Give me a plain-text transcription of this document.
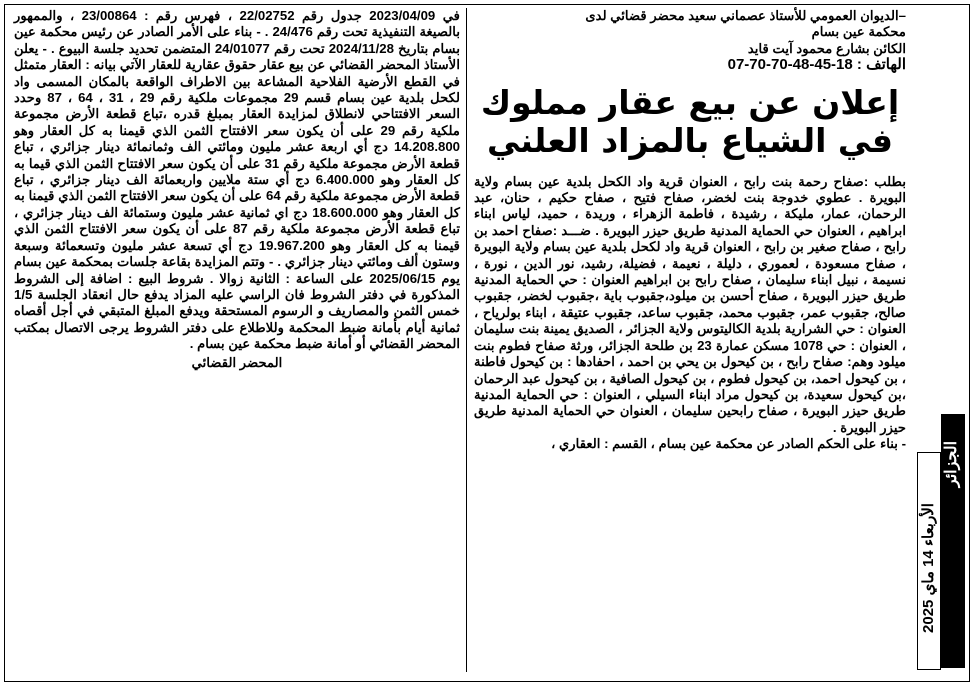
في 2023/04/09 جدول رقم 22/02752 ، فهرس رقم : 23/00864 ، والممهور بالصيغة التنفيذية تحت رقم 24/476 . - بناء على الأمر الصادر عن رئيس محكمة عين بسام بتاريخ 2024/11/28 تحت رقم 24/01077 المتضمن تحديد جلسة البيوع . - يعلن الأستاذ المحضر القضائي عن بيع عقار حقوق عقارية للعقار الآتي بيانه : العقار متمثل في القطع الأرضية الفلاحية المشاعة بين الاطراف الواقعة بالمكان المسمى واد لكحل بلدية عين بسام قسم 29 مجموعات ملكية رقم 29 ، 31 ، 64 ، 87 وحدد السعر الافتتاحي لانطلاق لمزايدة العقار بمبلغ قدره ،تباع قطعة الأرض مجموعة ملكية رقم 29 على أن يكون سعر الافتتاح الثمن الذي قيمنا به كل العقار وهو 14.208.800 دج أي اربعة عشر مليون ومائتي الف وثمانمائة دينار جزائري ، تباع قطعة الأرض مجموعة ملكية رقم 31 على أن يكون سعر الافتتاح الثمن الذي قيما به كل العقار وهو 6.400.000 دج أي ستة ملايين واربعمائة الف دينار جزائري ، تباع قطعة الأرض مجموعة ملكية رقم 64 على أن يكون سعر الافتتاح الثمن الذي قيمنا به كل العقار وهو 18.600.000 دج اي ثمانية عشر مليون وستمائة الف دينار جزائري ، تباع قطعة الأرض مجموعة ملكية رقم 87 على أن يكون سعر الافتتاح الثمن الذي قيمنا به كل العقار وهو 19.967.200 دج أي تسعة عشر مليون وتسعمائة وسبعة وستون ألف ومائتي دينار جزائري . - وتتم المزايدة بقاعة جلسات بمحكمة عين بسام يوم 2025/06/15 على الساعة : الثانية زوالا . شروط البيع : اضافة إلى الشروط المذكورة في دفتر الشروط فان الراسي عليه المزاد يدفع حال انعقاد الجلسة 1/5 خمس الثمن والمصاريف و الرسوم المستحقة ويدفع المبلغ المتبقي في أجل أقصاه ثمانية أيام بأمانة ضبط المحكمة وللاطلاع على دفتر الشروط يرجى الاتصال بمكتب المحضر القضائي أو أمانة ضبط محكمة عين بسام .

المحضر القضائي

–الديوان العمومي للأستاذ عصماني سعيد محضر قضائي لدى
محكمة عين بسام
الكائن بشارع محمود آيت قايد
الهاتف : 18-45-48-70-70-07
إعلان عن بيع عقار مملوك في الشياع بالمزاد العلني

بطلب :صفاح رحمة بنت رابح ، العنوان قرية واد الكحل بلدية عين بسام ولاية البويرة . عطوي خدوجة بنت لخضر، صفاح فتيح ، صفاح حكيم ، حنان، عبد الرحمان، عمار، مليكة ، رشيدة ، فاطمة الزهراء ، وريدة ، حميد، لياس ابناء ابراهيم ، العنوان حي الحماية المدنية طريق حيزر البويرة . ضـــد :صفاح احمد بن رابح ، صفاح صغير بن رابح ، العنوان قرية واد لكحل بلدية عين بسام ولاية البويرة ، صفاح مسعودة ، لعموري ، دليلة ، نعيمة ، فضيلة، رشيد، نور الدين ، نورة ، نسيمة ، نبيل ابناء سليمان ، صفاح رابح بن ابراهيم العنوان : حي الحماية المدنية طريق حيزر البويرة ، صفاح أحسن بن ميلود،جقبوب باية ،جقبوب لخضر، جقبوب صالح، جقبوب عمر، جقبوب محمد، جقبوب ساعد، جقبوب عتيقة ، ابناء بولرياح ، العنوان : حي الشرارية بلدية الكاليتوس ولاية الجزائر ، الصديق يمينة بنت سليمان ، العنوان : حي 1078 مسكن عمارة 23 بن طلحة الجزائر، ورثة صفاح فطوم بنت ميلود وهم: صفاح رابح ، بن كيحول بن يحي بن احمد ، احفادها : بن كيحول فاطنة ، بن كيحول احمد، بن كيحول فطوم ، بن كيحول الصافية ، بن كيحول عبد الرحمان ،بن كيحول سعيدة، بن كيحول مراد ابناء السيلي ، العنوان : حي الحماية المدنية طريق حيزر البويرة ، صفاح رابحين سليمان ، العنوان حي الحماية المدنية طريق حيزر البويرة .

- بناء على الحكم الصادر عن محكمة عين بسام ، القسم : العقاري ، الجزائر
الأربعاء 14 ماي 2025
